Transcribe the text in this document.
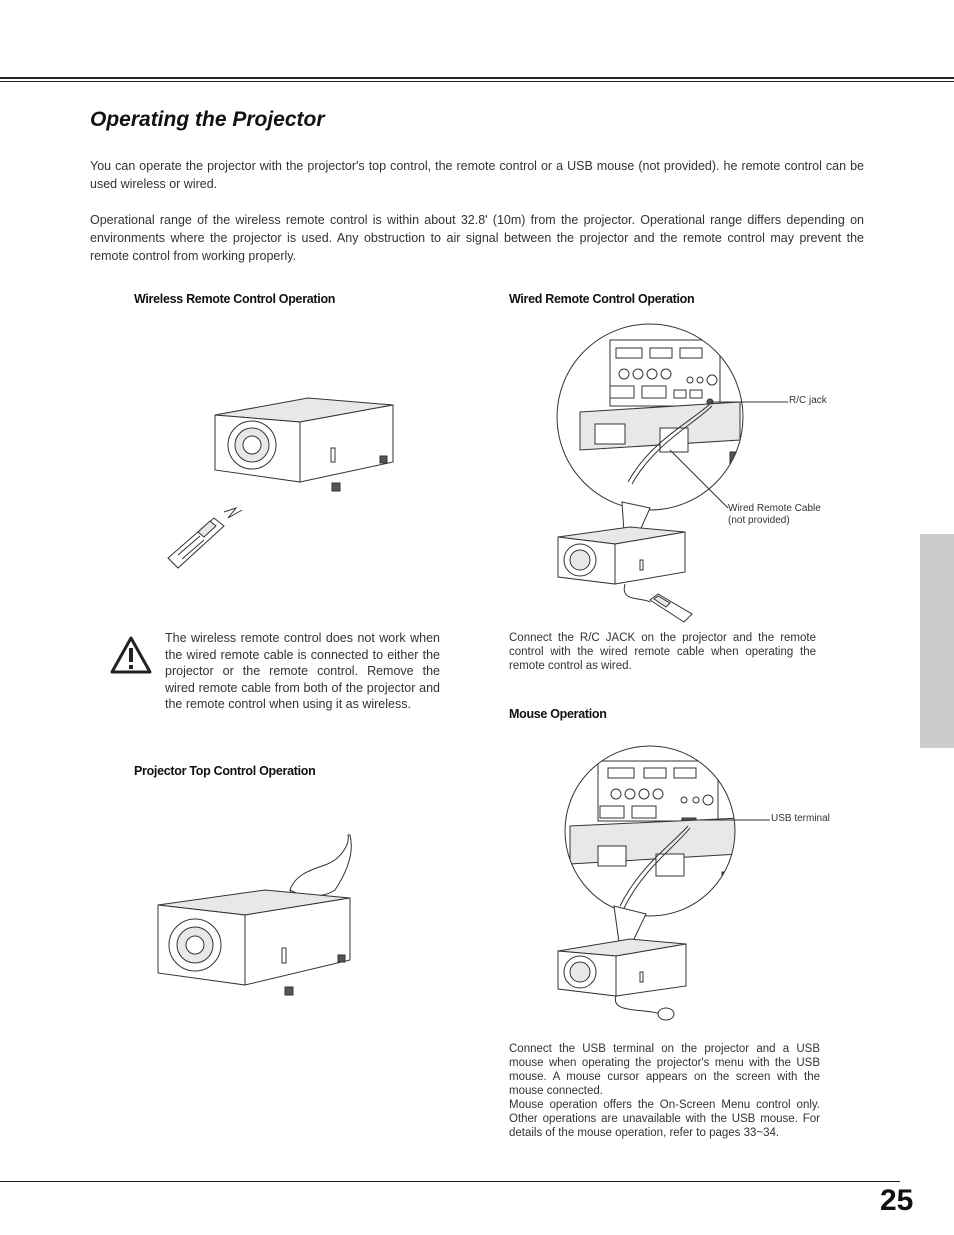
25
Operating the Projector

You can operate the projector with the projector's top control, the remote control or a USB mouse (not provided). he remote control can be used wireless or wired.

Operational range of the wireless remote control is within about 32.8' (10m) from the projector. Operational range differs depending on environments where the projector is used. Any obstruction to air signal between the projector and the remote control may prevent the remote control from working properly.

Wireless Remote Control Operation	Wired Remote Control Operation
Projector Top Control Operation
Mouse Operation

The wireless remote control does not work when the wired remote cable is connected to either the projector or the remote control. Remove the wired remote cable from both of the projector and the remote control when using it as wireless.

R/C jack
Wired Remote Cable
(not provided)

Connect the R/C JACK on the projector and the remote control with the wired remote cable when operating the remote control as wired.

USB terminal

Connect the USB terminal on the projector and a USB mouse when operating the projector's menu with the USB mouse. A mouse cursor appears on the screen with the mouse connected.

Mouse operation offers the On-Screen Menu control only. Other operations are unavailable with the USB mouse. For details of the mouse operation, refer to pages 33~34.
